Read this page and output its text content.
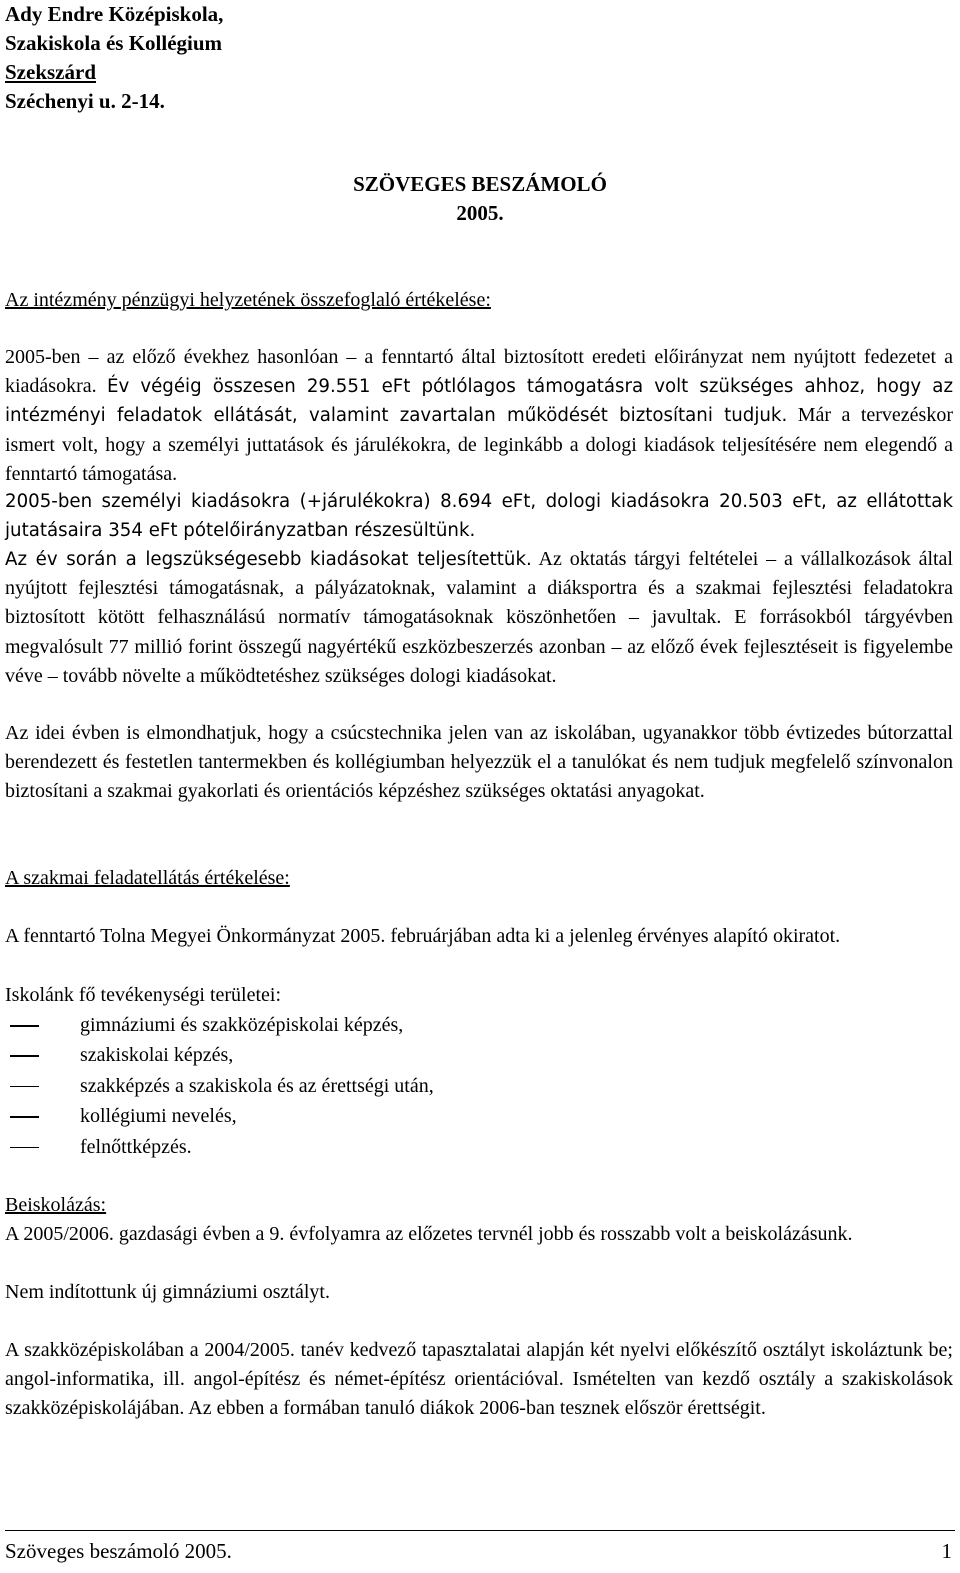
Ady Endre Középiskola,
Szakiskola és Kollégium
Szekszárd
Széchenyi u. 2-14.
SZÖVEGES BESZÁMOLÓ
2005.
Az intézmény pénzügyi helyzetének összefoglaló értékelése:
2005-ben – az előző évekhez hasonlóan – a fenntartó által biztosított eredeti előirányzat nem nyújtott fedezetet a kiadásokra. Év végéig összesen 29.551 eFt pótlólagos támogatásra volt szükséges ahhoz, hogy az intézményi feladatok ellátását, valamint zavartalan működését biztosítani tudjuk. Már a tervezéskor ismert volt, hogy a személyi juttatások és járulékokra, de leginkább a dologi kiadások teljesítésére nem elegendő a fenntartó támogatása.
2005-ben személyi kiadásokra (+járulékokra) 8.694 eFt, dologi kiadásokra 20.503 eFt, az ellátottak jutatásaira 354 eFt pótelőirányzatban részesültünk.
Az év során a legszükségesebb kiadásokat teljesítettük. Az oktatás tárgyi feltételei – a vállalkozások által nyújtott fejlesztési támogatásnak, a pályázatoknak, valamint a diáksportra és a szakmai fejlesztési feladatokra biztosított kötött felhasználású normatív támogatásoknak köszönhetően – javultak. E forrásokból tárgyévben megvalósult 77 millió forint összegű nagyértékű eszközbeszerzés azonban – az előző évek fejlesztéseit is figyelembe véve – tovább növelte a működtetéshez szükséges dologi kiadásokat.
Az idei évben is elmondhatjuk, hogy a csúcstechnika jelen van az iskolában, ugyanakkor több évtizedes bútorzattal berendezett és festetlen tantermekben és kollégiumban helyezzük el a tanulókat és nem tudjuk megfelelő színvonalon biztosítani a szakmai gyakorlati és orientációs képzéshez szükséges oktatási anyagokat.
A szakmai feladatellátás értékelése:
A fenntartó Tolna Megyei Önkormányzat 2005. februárjában adta ki a jelenleg érvényes alapító okiratot.
Iskolánk fő tevékenységi területei:
gimnáziumi és szakközépiskolai képzés,
szakiskolai képzés,
szakképzés a szakiskola és az érettségi után,
kollégiumi nevelés,
felnőttképzés.
Beiskolázás:
A 2005/2006. gazdasági évben a 9. évfolyamra az előzetes tervnél jobb és rosszabb volt a beiskolázásunk.
Nem indítottunk új gimnáziumi osztályt.
A szakközépiskolában a 2004/2005. tanév kedvező tapasztalatai alapján két nyelvi előkészítő osztályt iskoláztunk be; angol-informatika, ill. angol-építész és német-építész orientációval. Ismételten van kezdő osztály a szakiskolások szakközépiskolájában. Az ebben a formában tanuló diákok 2006-ban tesznek először érettségit.
Szöveges beszámoló 2005.	1
